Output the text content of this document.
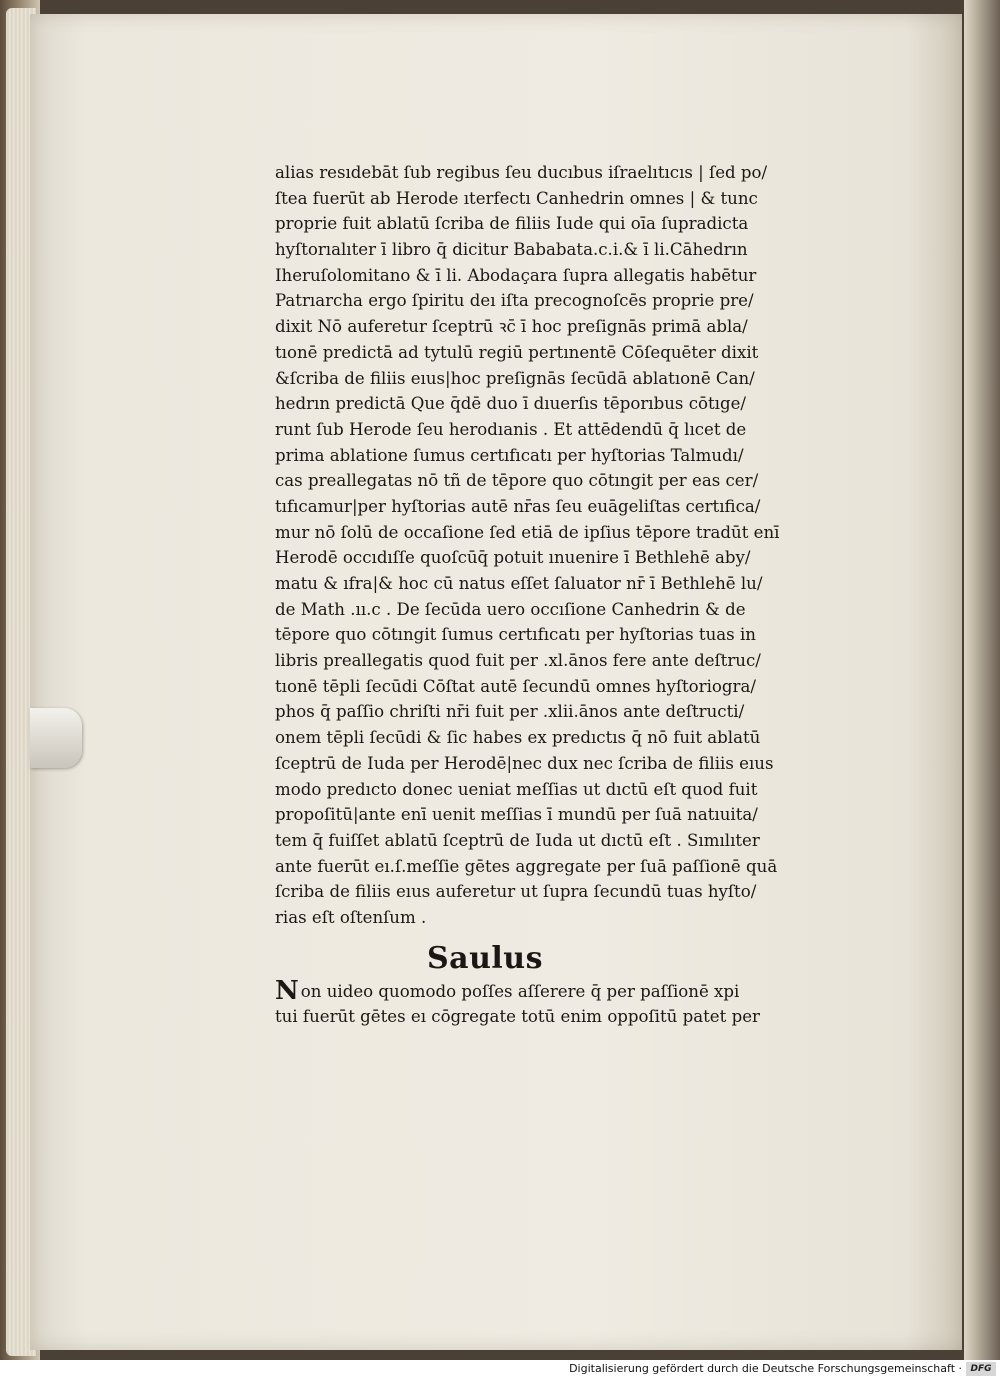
alias resıdebāt ſub regibus ſeu ducıbus iſraelıtıcıs | ſed po/
ſtea fuerūt ab Herode ıterfectı Canhedrin omnes | & tunc
proprie fuit ablatū ſcriba de filiis Iude qui oīa ſupradicta
hyſtorıalıter ī libro q̄ dicitur Bababata.c.i.& ī li.Cāhedrın
Iheruſolomitano & ī li. Abodaçara ſupra allegatis habētur
Patrıarcha ergo ſpiritu deı iſta precognoſcēs proprie pre/
dixit Nō auferetur ſceptrū ꝛc̄ ī hoc preſignās primā abla/
tıonē predictā ad tytulū regiū pertınentē Cōſequēter dixit
&ſcriba de filiis eıus|hoc preſignās ſecūdā ablatıonē Can/
hedrın predictā Que q̄dē duo ī dıuerſıs tēporıbus cōtıge/
runt ſub Herode ſeu herodıanis . Et attēdendū q̄ lıcet de
prima ablatione ſumus certıfıcatı per hyſtorias Talmudı/
cas preallegatas nō tñ de tēpore quo cōtıngit per eas cer/
tıfıcamur|per hyſtorias autē nr̄as ſeu euāgeliſtas certıfica/
mur nō ſolū de occaſione ſed etiā de ipſius tēpore tradūt enī
Herodē occıdıſſe quoſcūq̄ potuit ınuenire ī Bethlehē aby/
matu & ıfra|& hoc cū natus eſſet ſaluator nr̄ ī Bethlehē lu/
de Math .ıı.c . De ſecūda uero occıſione Canhedrin & de
tēpore quo cōtıngit ſumus certıfıcatı per hyſtorias tuas in
libris preallegatis quod fuit per .xl.ānos fere ante deſtruc/
tıonē tēpli ſecūdi Cōſtat autē ſecundū omnes hyſtoriogra/
phos q̄ paſſio chriſti nr̄i fuit per .xlii.ānos ante deſtructi/
onem tēpli ſecūdi & ſic habes ex predıctıs q̄ nō fuit ablatū
ſceptrū de Iuda per Herodē|nec dux nec ſcriba de filiis eıus
modo predıcto donec ueniat meſſias ut dıctū eſt quod fuit
propoſitū|ante enī uenit meſſias ī mundū per ſuā natıuita/
tem q̄ fuiſſet ablatū ſceptrū de Iuda ut dıctū eſt . Sımılıter
ante fuerūt eı.ſ.meſſie gētes aggregate per ſuā paſſionē quā
ſcriba de filiis eıus auferetur ut ſupra ſecundū tuas hyſto/
rias eſt oſtenſum .
Saulus
Non uideo quomodo poſſes aſſerere q̄ per paſſionē xpi
tui fuerūt gētes eı cōgregate totū enim oppoſitū patet per
Digitalisierung gefördert durch die Deutsche Forschungsgemeinschaft · DFG
